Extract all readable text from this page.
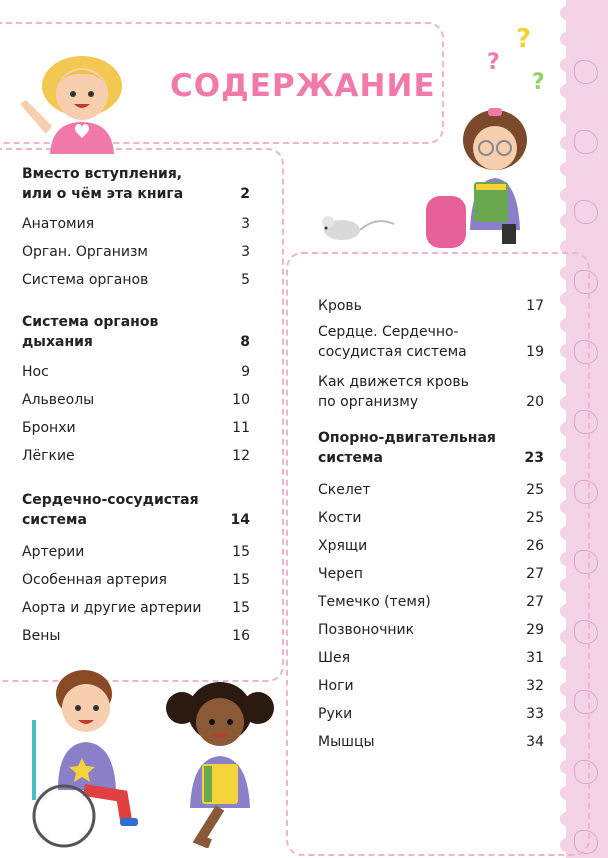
СОДЕРЖАНИЕ
?
?
?
Вместо вступления,
или о чём эта книга	2
Анатомия	3
Орган. Организм	3
Система органов	5
Система органов
дыхания	8
Нос	9
Альвеолы	10
Бронхи	11
Лёгкие	12
Сердечно-сосудистая
система	14
Артерии	15
Особенная артерия	15
Аорта и другие артерии	15
Вены	16
Кровь	17
Сердце. Сердечно-
сосудистая система	19
Как движется кровь
по организму	20
Опорно-двигательная
система	23
Скелет	25
Кости	25
Хрящи	26
Череп	27
Темечко (темя)	27
Позвоночник	29
Шея	31
Ноги	32
Руки	33
Мышцы	34
